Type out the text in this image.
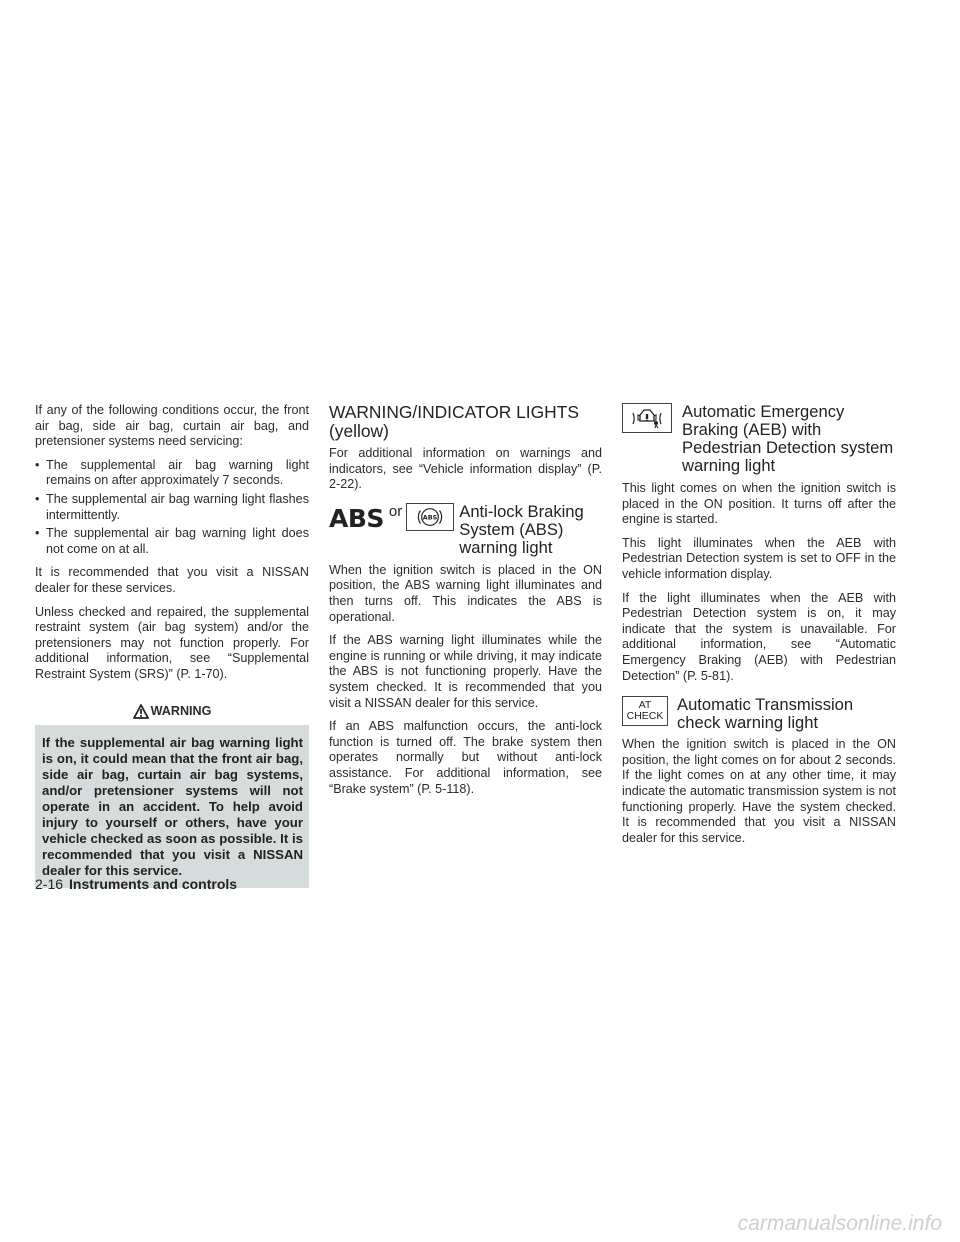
If any of the following conditions occur, the front air bag, side air bag, curtain air bag, and pretensioner systems need servicing:

• The supplemental air bag warning light remains on after approximately 7 seconds.
• The supplemental air bag warning light flashes intermittently.
• The supplemental air bag warning light does not come on at all.

It is recommended that you visit a NISSAN dealer for these services.

Unless checked and repaired, the supplemental restraint system (air bag system) and/or the pretensioners may not function properly. For additional information, see “Supplemental Restraint System (SRS)” (P. 1-70).

WARNING
If the supplemental air bag warning light is on, it could mean that the front air bag, side air bag, curtain air bag systems, and/or pretensioner systems will not operate in an accident. To help avoid injury to yourself or others, have your vehicle checked as soon as possible. It is recommended that you visit a NISSAN dealer for this service.
WARNING/INDICATOR LIGHTS
(yellow)

For additional information on warnings and indicators, see “Vehicle information display” (P. 2-22).

ABS or	ABS Anti-lock Braking System (ABS) warning light

When the ignition switch is placed in the ON position, the ABS warning light illuminates and then turns off. This indicates the ABS is operational.

If the ABS warning light illuminates while the engine is running or while driving, it may indicate the ABS is not functioning properly. Have the system checked. It is recommended that you visit a NISSAN dealer for this service.

If an ABS malfunction occurs, the anti-lock function is turned off. The brake system then operates normally but without anti-lock assistance. For additional information, see “Brake system” (P. 5-118).

Automatic Emergency Braking (AEB) with Pedestrian Detection system warning light

This light comes on when the ignition switch is placed in the ON position. It turns off after the engine is started.

This light illuminates when the AEB with Pedestrian Detection system is set to OFF in the vehicle information display.

If the light illuminates when the AEB with Pedestrian Detection system is on, it may indicate that the system is unavailable. For additional information, see “Automatic Emergency Braking (AEB) with Pedestrian Detection” (P. 5-81).

AT
CHECK
Automatic Transmission check warning light

When the ignition switch is placed in the ON position, the light comes on for about 2 seconds. If the light comes on at any other time, it may indicate the automatic transmission system is not functioning properly. Have the system checked. It is recommended that you visit a NISSAN dealer for this service.

2-16 Instruments and controls
carmanualsonline.info
